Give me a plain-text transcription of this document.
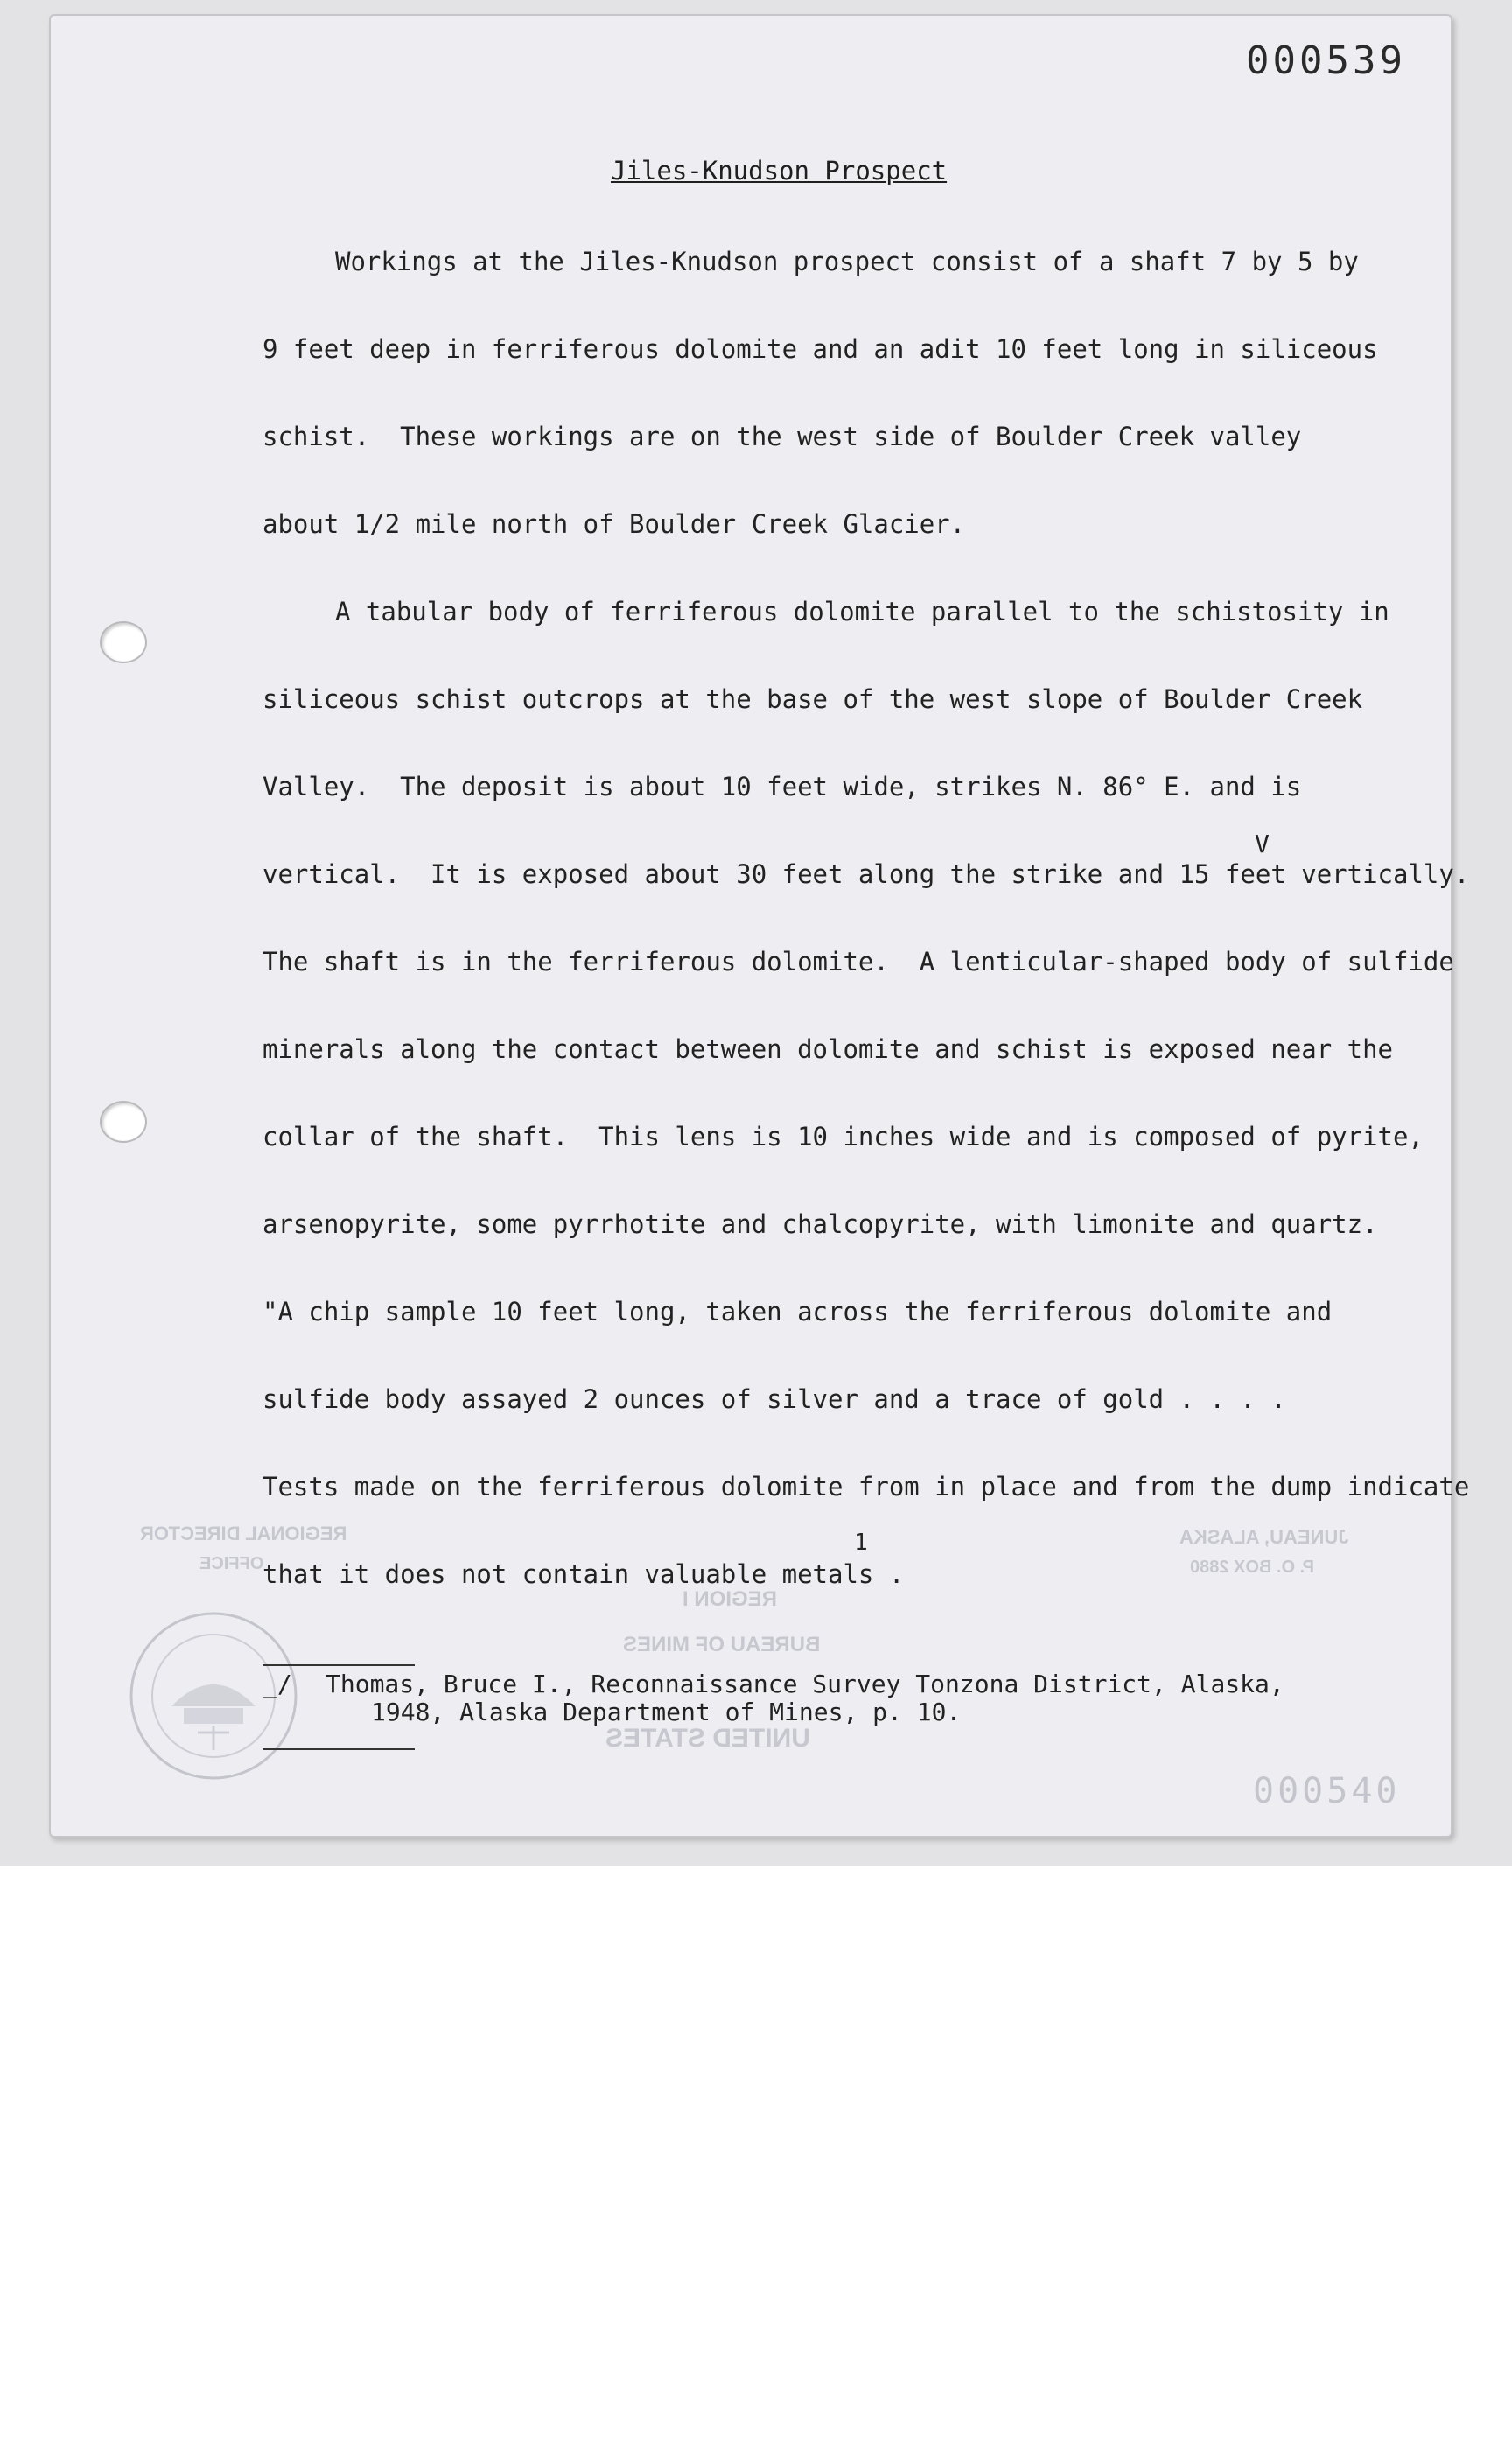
REGIONAL DIRECTOR
OFFICE
REGION I
BUREAU OF MINES
UNITED STATES
JUNEAU, ALASKA
P. O. BOX 2880
000540
000539
Jiles-Knudson Prospect
Workings at the Jiles-Knudson prospect consist of a shaft 7 by 5 by
9 feet deep in ferriferous dolomite and an adit 10 feet long in siliceous
schist.  These workings are on the west side of Boulder Creek valley
about 1/2 mile north of Boulder Creek Glacier.
A tabular body of ferriferous dolomite parallel to the schistosity in
siliceous schist outcrops at the base of the west slope of Boulder Creek
Valley.  The deposit is about 10 feet wide, strikes N. 86° E. and is
vertical.  It is exposed about 30 feet along the strike and 15 feet vertically.
The shaft is in the ferriferous dolomite.  A lenticular-shaped body of sulfide
minerals along the contact between dolomite and schist is exposed near the
collar of the shaft.  This lens is 10 inches wide and is composed of pyrite,
arsenopyrite, some pyrrhotite and chalcopyrite, with limonite and quartz.
"A chip sample 10 feet long, taken across the ferriferous dolomite and
sulfide body assayed 2 ounces of silver and a trace of gold . . . .
Tests made on the ferriferous dolomite from in place and from the dump indicate
that it does not contain valuable metals .
V
1
_/ Thomas, Bruce I., Reconnaissance Survey Tonzona District, Alaska,
1948, Alaska Department of Mines, p. 10.
